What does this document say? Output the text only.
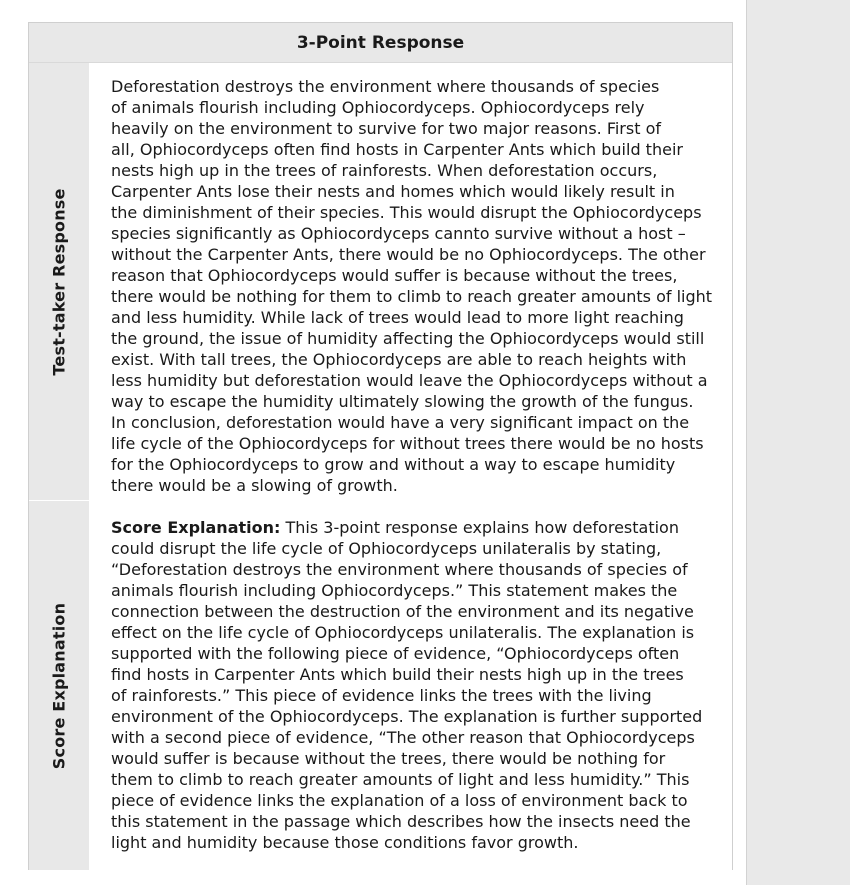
3-Point Response
Test-taker Response
Score Explanation

Deforestation destroys the environment where thousands of species
of animals flourish including Ophiocordyceps. Ophiocordyceps rely
heavily on the environment to survive for two major reasons. First of
all, Ophiocordyceps often find hosts in Carpenter Ants which build their
nests high up in the trees of rainforests. When deforestation occurs,
Carpenter Ants lose their nests and homes which would likely result in
the diminishment of their species. This would disrupt the Ophiocordyceps
species significantly as Ophiocordyceps cannto survive without a host –
without the Carpenter Ants, there would be no Ophiocordyceps. The other
reason that Ophiocordyceps would suffer is because without the trees,
there would be nothing for them to climb to reach greater amounts of light
and less humidity. While lack of trees would lead to more light reaching
the ground, the issue of humidity affecting the Ophiocordyceps would still
exist. With tall trees, the Ophiocordyceps are able to reach heights with
less humidity but deforestation would leave the Ophiocordyceps without a
way to escape the humidity ultimately slowing the growth of the fungus.
In conclusion, deforestation would have a very significant impact on the
life cycle of the Ophiocordyceps for without trees there would be no hosts
for the Ophiocordyceps to grow and without a way to escape humidity
there would be a slowing of growth.

Score Explanation: This 3-point response explains how deforestation
could disrupt the life cycle of Ophiocordyceps unilateralis by stating,
“Deforestation destroys the environment where thousands of species of
animals flourish including Ophiocordyceps.” This statement makes the
connection between the destruction of the environment and its negative
effect on the life cycle of Ophiocordyceps unilateralis. The explanation is
supported with the following piece of evidence, “Ophiocordyceps often
find hosts in Carpenter Ants which build their nests high up in the trees
of rainforests.” This piece of evidence links the trees with the living
environment of the Ophiocordyceps. The explanation is further supported
with a second piece of evidence, “The other reason that Ophiocordyceps
would suffer is because without the trees, there would be nothing for
them to climb to reach greater amounts of light and less humidity.” This
piece of evidence links the explanation of a loss of environment back to
this statement in the passage which describes how the insects need the
light and humidity because those conditions favor growth.
